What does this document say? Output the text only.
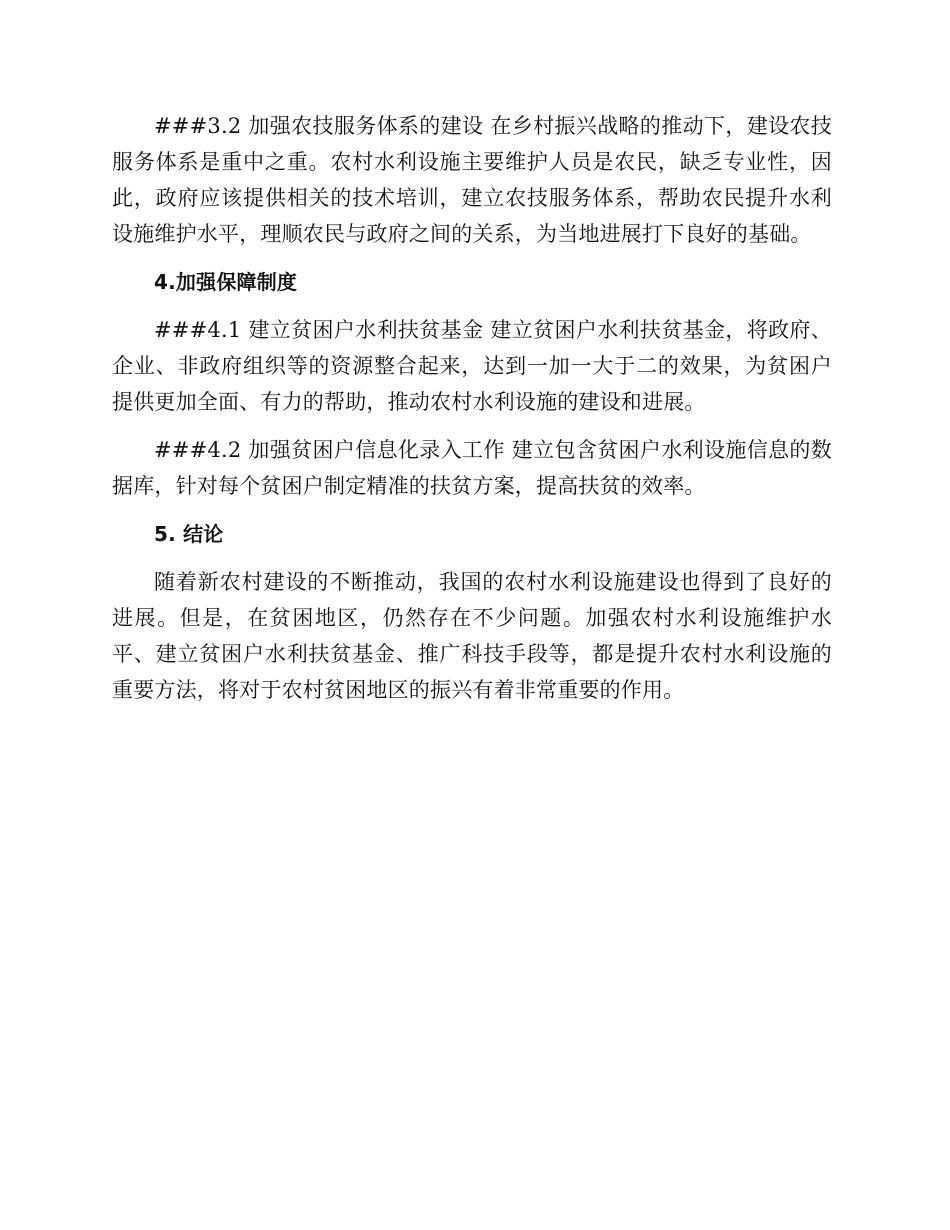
###3.2 加强农技服务体系的建设 在乡村振兴战略的推动下，建设农技服务体系是重中之重。农村水利设施主要维护人员是农民，缺乏专业性，因此，政府应该提供相关的技术培训，建立农技服务体系，帮助农民提升水利设施维护水平，理顺农民与政府之间的关系，为当地进展打下良好的基础。

4.加强保障制度

###4.1 建立贫困户水利扶贫基金 建立贫困户水利扶贫基金，将政府、企业、非政府组织等的资源整合起来，达到一加一大于二的效果，为贫困户提供更加全面、有力的帮助，推动农村水利设施的建设和进展。

###4.2 加强贫困户信息化录入工作 建立包含贫困户水利设施信息的数据库，针对每个贫困户制定精准的扶贫方案，提高扶贫的效率。

5. 结论

随着新农村建设的不断推动，我国的农村水利设施建设也得到了良好的进展。但是，在贫困地区，仍然存在不少问题。加强农村水利设施维护水平、建立贫困户水利扶贫基金、推广科技手段等，都是提升农村水利设施的重要方法，将对于农村贫困地区的振兴有着非常重要的作用。
